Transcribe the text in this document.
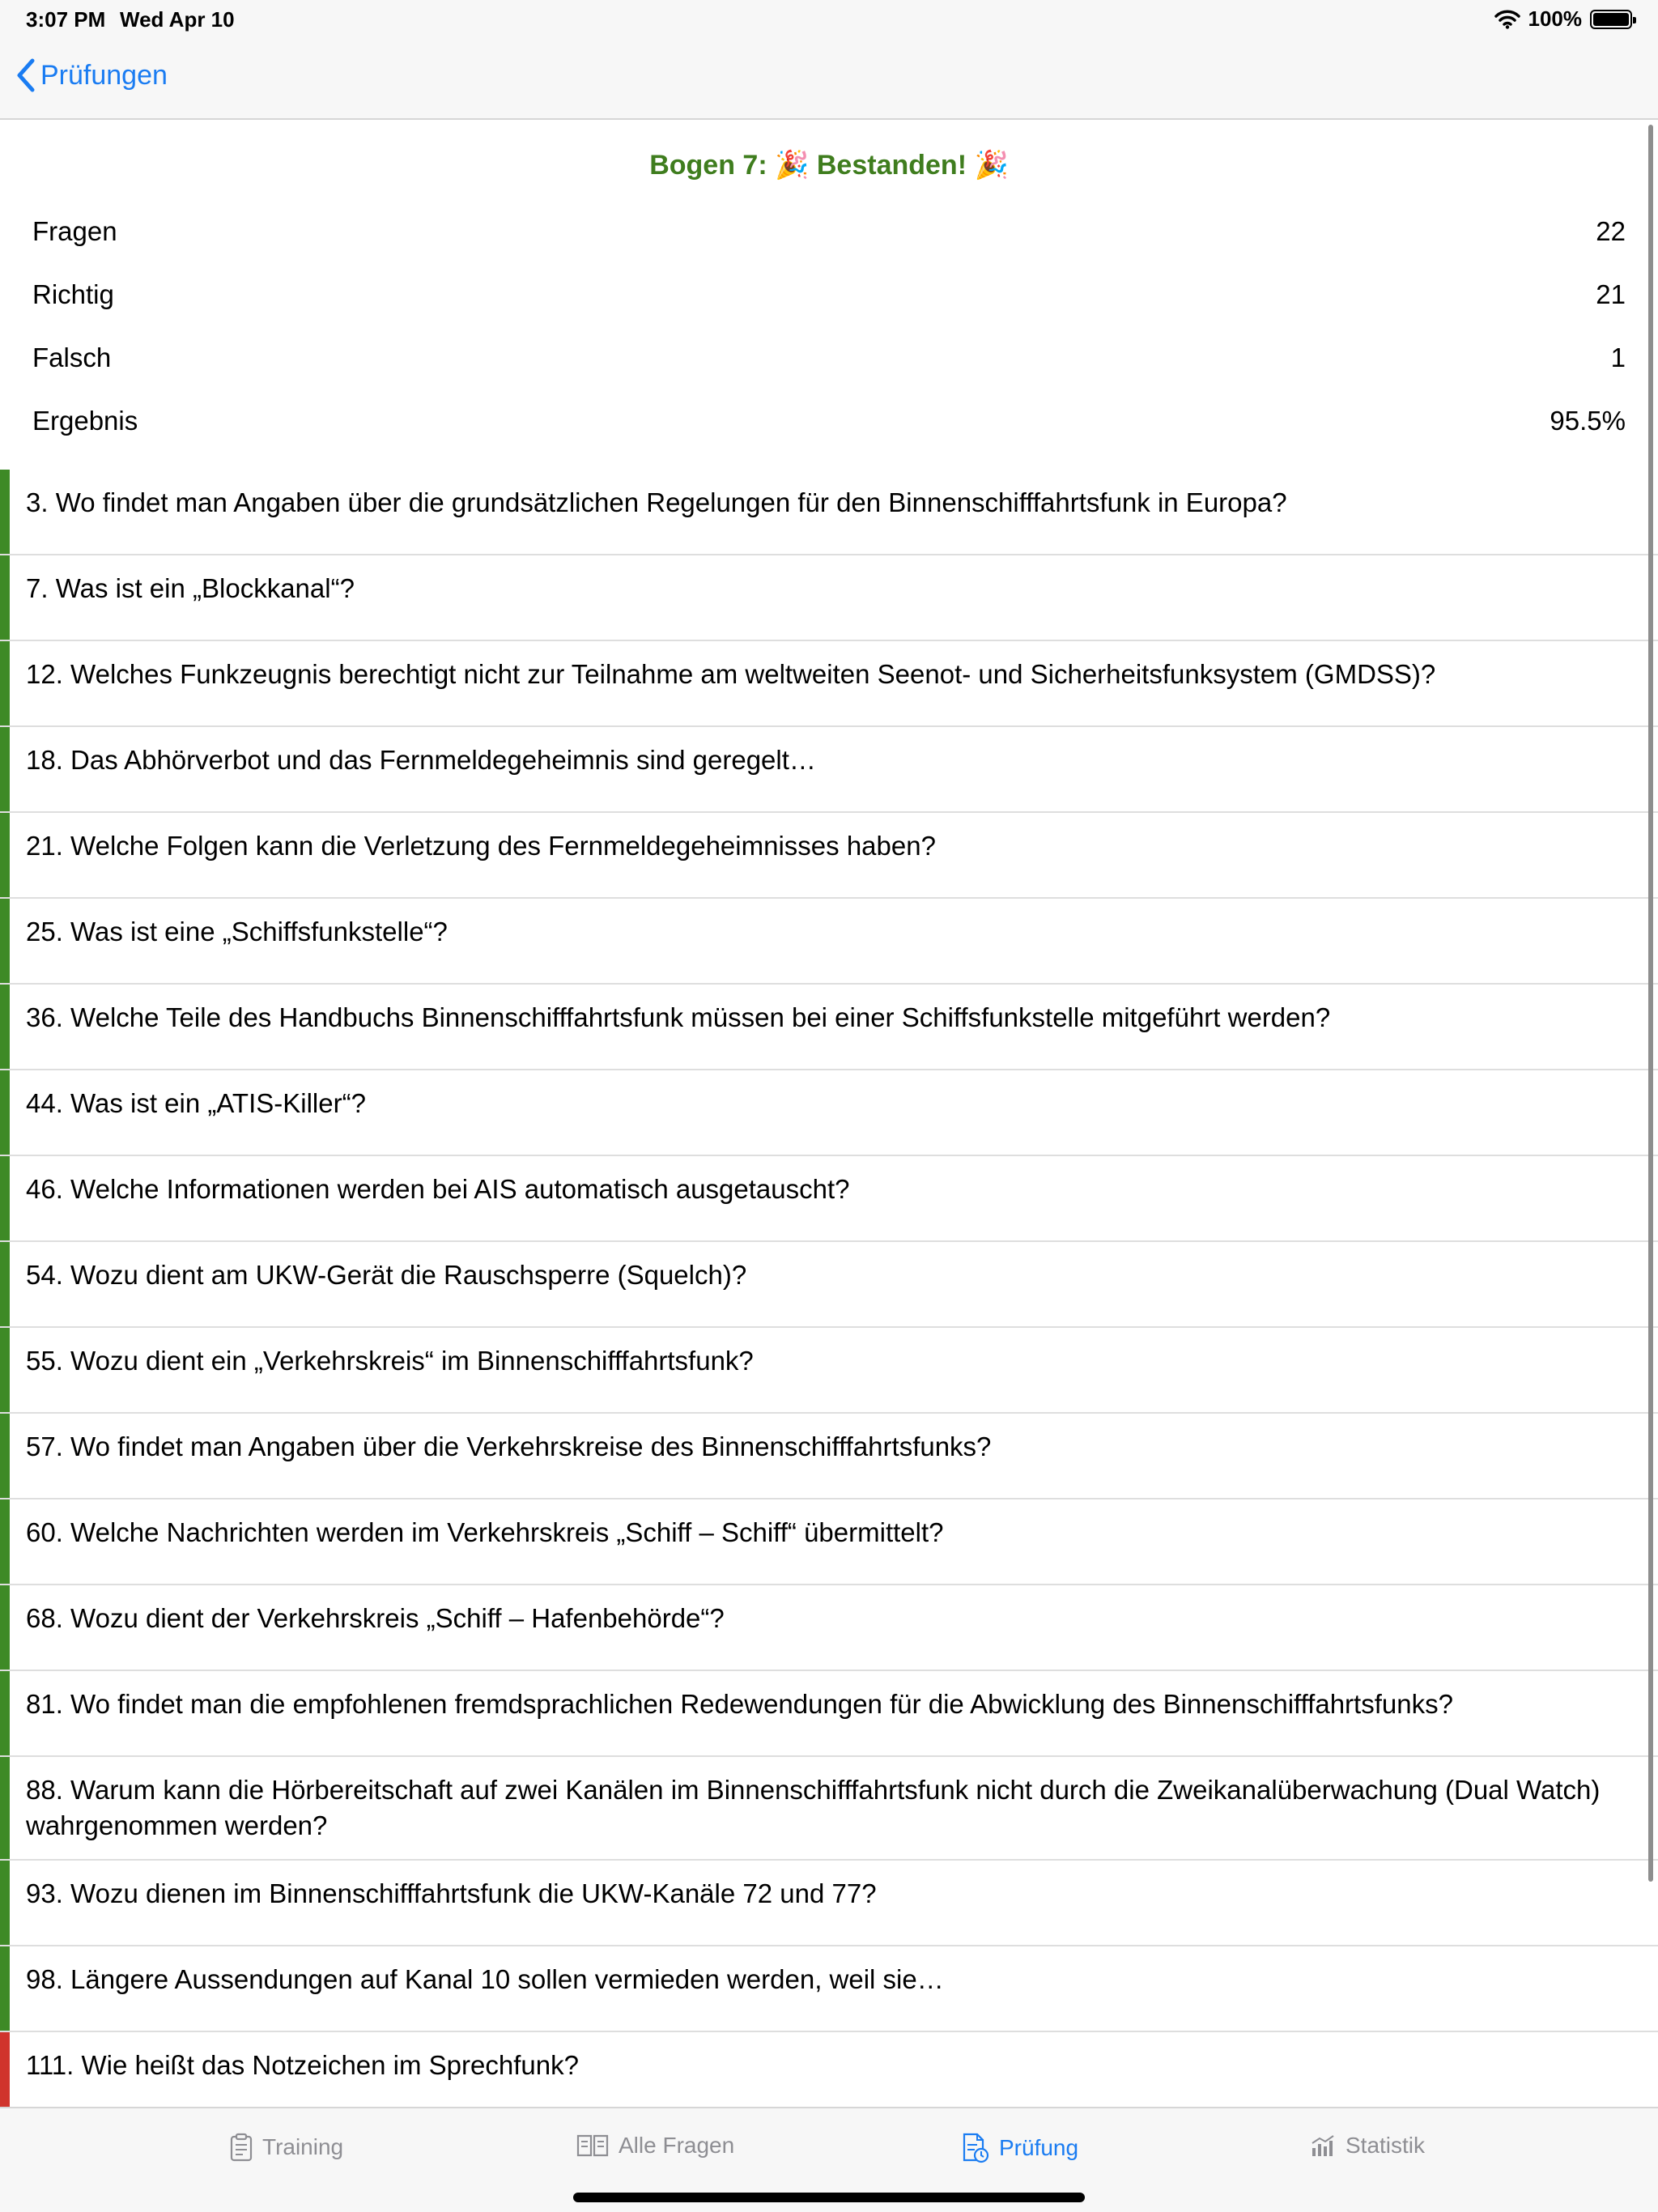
3:07 PM Wed Apr 10	100%
Prüfungen
Bogen 7: 🎉 Bestanden! 🎉
Fragen	22
Richtig	21
Falsch	1
Ergebnis	95.5%
3. Wo findet man Angaben über die grundsätzlichen Regelungen für den Binnenschifffahrtsfunk in Europa?
7. Was ist ein „Blockkanal“?
12. Welches Funkzeugnis berechtigt nicht zur Teilnahme am weltweiten Seenot- und Sicherheitsfunksystem (GMDSS)?
18. Das Abhörverbot und das Fernmeldegeheimnis sind geregelt…
21. Welche Folgen kann die Verletzung des Fernmeldegeheimnisses haben?
25. Was ist eine „Schiffsfunkstelle“?
36. Welche Teile des Handbuchs Binnenschifffahrtsfunk müssen bei einer Schiffsfunkstelle mitgeführt werden?
44. Was ist ein „ATIS-Killer“?
46. Welche Informationen werden bei AIS automatisch ausgetauscht?
54. Wozu dient am UKW-Gerät die Rauschsperre (Squelch)?
55. Wozu dient ein „Verkehrskreis“ im Binnenschifffahrtsfunk?
57. Wo findet man Angaben über die Verkehrskreise des Binnenschifffahrtsfunks?
60. Welche Nachrichten werden im Verkehrskreis „Schiff – Schiff“ übermittelt?
68. Wozu dient der Verkehrskreis „Schiff – Hafenbehörde“?
81. Wo findet man die empfohlenen fremdsprachlichen Redewendungen für die Abwicklung des Binnenschifffahrtsfunks?
88. Warum kann die Hörbereitschaft auf zwei Kanälen im Binnenschifffahrtsfunk nicht durch die Zweikanalüberwachung (Dual Watch) wahrgenommen werden?
93. Wozu dienen im Binnenschifffahrtsfunk die UKW-Kanäle 72 und 77?
98. Längere Aussendungen auf Kanal 10 sollen vermieden werden, weil sie…
111. Wie heißt das Notzeichen im Sprechfunk?
Training	Alle Fragen	Prüfung	Statistik
